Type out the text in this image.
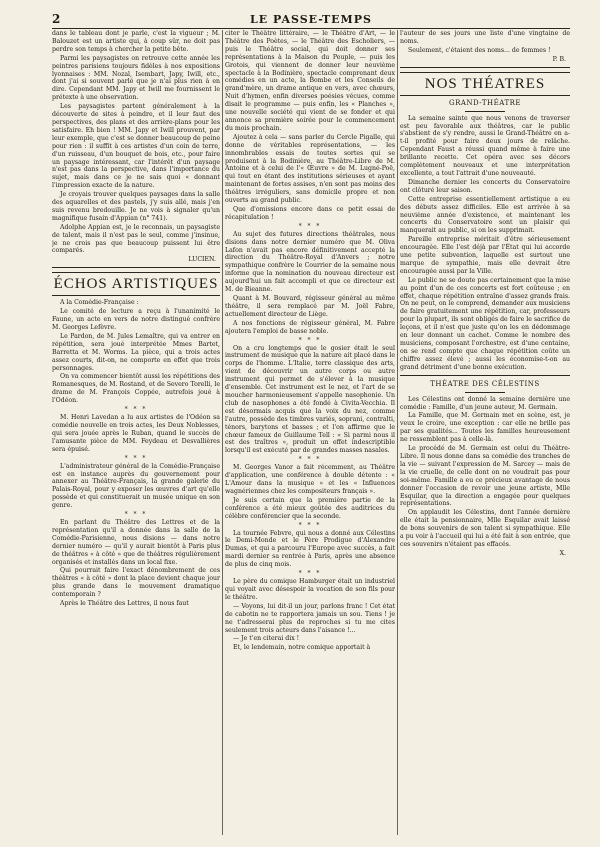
2	LE PASSE-TEMPS

dans le tableau dont je parle, c'est la vigueur ; M. Balouzet est un artiste qui, à coup sûr, ne doit pas perdre son temps à chercher la petite bête.

Parmi les paysagistes on retrouve cette année les peintres parisiens toujours fidèles à nos expositions lyonnaises : MM. Nozal, Isembart, Japy, Iwill, etc., dont j'ai si souvent parlé que je n'ai plus rien à en dire. Cependant MM. Japy et Iwill me fournissent le prétexte à une observation.

Les paysagistes partent généralement à la découverte de sites à peindre, et il leur faut des perspectives, des plans et des arrière-plans pour les satisfaire. Eh bien ! MM. Japy et Iwill prouvent, par leur exemple, que c'est se donner beaucoup de peine pour rien : il suffit à ces artistes d'un coin de terre, d'un ruisseau, d'un bouquet de bois, etc., pour faire un paysage intéressant, car l'intérêt d'un paysage n'est pas dans la perspective, dans l'importance du sujet, mais dans ce je ne sais quoi « donnant l'impression exacte de la nature.

Je croyais trouver quelques paysages dans la salle des aquarelles et des pastels, j'y suis allé, mais j'en suis revenu bredouille. Je ne vois à signaler qu'un magnifique fusain d'Appian (n° 741).

Adolphe Appian est, je le reconnais, un paysagiste de talent, mais il n'est pas le seul, comme j'insinue, je ne crois pas que beaucoup puissent lui être comparés.

LUCIEN.
ÉCHOS ARTISTIQUES

A la Comédie-Française :

Le comité de lecture a reçu à l'unanimité le Faune, un acte en vers de notre distingué confrère M. Georges Lefèvre.

Le Pardon, de M. Jules Lemaître, qui va entrer en répétition, sera joué interprétée Mmes Bartet, Barretta et M. Worms. La pièce, qui a trois actes assez courts, dit-on, ne comporte en effet que trois personnages.

On va commencer bientôt aussi les répétitions des Romanesques, de M. Rostand, et de Severo Torelli, le drame de M. François Coppée, autrefois joué à l'Odéon.

* * *

M. Henri Lavedan a lu aux artistes de l'Odéon sa comédie nouvelle en trois actes, les Deux Noblesses, qui sera jouée après le Ruban, quand le succès de l'amusante pièce de MM. Feydeau et Desvallières sera épuisé.

* * *

L'administrateur général de la Comédie-Française est en instance auprès du gouvernement pour annexer au Théâtre-Français, la grande galerie du Palais-Royal, pour y exposer les œuvres d'art qu'elle possède et qui constituerait un musée unique en son genre.

* * *

En parlant du Théâtre des Lettres et de la représentation qu'il a donnée dans la salle de la Comédie-Parisienne, nous disions — dans notre dernier numéro — qu'il y aurait bientôt à Paris plus de théâtres « à côté » que de théâtres régulièrement organisés et installés dans un local fixe.

Qui pourrait faire l'exact dénombrement de ces théâtres « à côté » dont la place devient chaque jour plus grande dans le mouvement dramatique contemporain ?

Après le Théâtre des Lettres, il nous faut

citer le Théâtre littéraire, — le Théâtre d'Art, — le Théâtre des Poètes, — le Théâtre des Escholiers, — puis le Théâtre social, qui doit donner ses représentations à la Maison du Peuple, — puis les Grotois, qui viennent de donner leur neuvième spectacle à la Bodinière, spectacle comprenant deux comédies en un acte, la Bombe et les Conseils de grand'mère, un drame antique en vers, avec chœurs, Nuit d'hymen, enfin diverses poésies vécues, comme disait le programme — puis enfin, les « Planches », une nouvelle société qui vient de se fonder et qui annonce sa première soirée pour le commencement du mois prochain.

Ajoutez à cela — sans parler du Cercle Pigalle, qui donne de véritables représentations, — les innombrables essais de toutes sortes qui se produisent à la Bodinière, au Théâtre-Libre de M. Antoine et à celui de l'« Œuvre » de M. Lugné-Poë, qui tout en étant des institutions sérieuses et ayant maintenant de fortes assises, n'en sont pas moins des théâtres irréguliers, sans domicile propre et non ouverts au grand public.

Que d'omissions encore dans ce petit essai de récapitulation !

* * *

Au sujet des futures directions théâtrales, nous disions dans notre dernier numéro que M. Oliva Lafon n'avait pas encore définitivement accepté la direction du Théâtre-Royal d'Anvers ; notre sympathique confrère le Courrier de la semaine nous informe que la nomination du nouveau directeur est aujourd'hui un fait accompli et que ce directeur est M. de Bieanne.

Quant à M. Bouvard, régisseur général au même théâtre, il sera remplacé par M. Joël Fabre, actuellement directeur de Liège.

A nos fonctions de régisseur général, M. Fabre ajoutera l'emploi de basse noble.

* * *

On a cru longtemps que le gosier était le seul instrument de musique que la nature ait placé dans le corps de l'homme. L'Italie, terre classique des arts, vient de découvrir un autre corps ou autre instrument qui permet de s'élever à la musique d'ensemble. Cet instrument est le nez, et l'art de se moucher harmonieusement s'appelle nasophonie. Un club de nasophones a été fondé à Civita-Vecchia. Il est désormais acquis que la voix du nez, comme l'autre, possède des timbres variés, soprani, contralti, ténors, barytons et basses ; et l'on affirme que le chœur fameux de Guillaume Tell : « Si parmi nous il est des traîtres », produit un effet indescriptible lorsqu'il est exécuté par de grandes masses nasales.

* * *

M. Georges Vanor a fait récemment, au Théâtre d'application, une conférence à double détente : « L'Amour dans la musique » et les « Influences wagnériennes chez les compositeurs français ».

Je suis certain que la première partie de la conférence a été mieux goûtée des auditrices du célèbre conférencier que la seconde.

* * *

La tournée Febvre, qui nous a donné aux Célestins le Demi-Monde et le Père Prodigue d'Alexandre Dumas, et qui a parcouru l'Europe avec succès, a fait mardi dernier sa rentrée à Paris, après une absence de plus de cinq mois.

* * *

Le père du comique Hamburger était un industriel qui voyait avec désespoir la vocation de son fils pour le théâtre.

— Voyons, lui dit-il un jour, parlons franc ! Cet état de cabotin ne te rapportera jamais un sou. Tiens ! je ne t'adresserai plus de reproches si tu me cites seulement trois acteurs dans l'aisance !...

— Je t'en citerai dix !

Et, le lendemain, notre comique apportait à

l'auteur de ses jours une liste d'une vingtaine de noms.

Seulement, c'étaient des noms... de femmes !

P. B.
NOS THÉATRES
GRAND-THÉATRE

La semaine sainte que nous venons de traverser est peu favorable aux théâtres, car le public s'abstient de s'y rendre, aussi le Grand-Théâtre en a-t-il profité pour faire deux jours de relâche. Cependant Faust a réussi quand même à faire une brillante recette. Cet opéra avec ses décors complètement nouveaux et une interprétation excellente, a tout l'attrait d'une nouveauté.

Dimanche dernier les concerts du Conservatoire ont clôturé leur saison.

Cette entreprise essentiellement artistique a eu des débuts assez difficiles. Elle est arrivée à sa neuvième année d'existence, et maintenant les concerts du Conservatoire sont un plaisir qui manquerait au public, si on les supprimait.

Pareille entreprise méritait d'être sérieusement encouragée. Elle l'est déjà par l'État qui lui accorde une petite subvention, laquelle est surtout une marque de sympathie, mais elle devrait être encouragée aussi par la Ville.

Le public ne se doute pas certainement que la mise au point d'un de ces concerts est fort coûteuse ; en effet, chaque répétition entraîne d'assez grands frais. On ne peut, on le comprend, demander aux musiciens de faire gratuitement une répétition, car, professeurs pour la plupart, ils sont obligés de faire le sacrifice de leçons, et il n'est que juste qu'on les en dédommage en leur donnant un cachet. Comme le nombre des musiciens, composant l'orchestre, est d'une centaine, on se rend compte que chaque répétition coûte un chiffre assez élevé ; aussi les économise-t-on au grand détriment d'une bonne exécution.

THÉATRE DES CÉLESTINS

Les Célestins ont donné la semaine dernière une comédie : Famille, d'un jeune auteur, M. Germain.

La Famille, que M. Germain met en scène, est, je veux le croire, une exception : car elle ne brille pas par ses qualités... Toutes les familles heureusement ne ressemblent pas à celle-là.

Le procédé de M. Germain est celui du Théâtre-Libre. Il nous donne dans sa comédie des tranches de la vie — suivant l'expression de M. Sarcey — mais de la vie cruelle, de celle dont on ne voudrait pas pour soi-même. Famille a eu ce précieux avantage de nous donner l'occasion de revoir une jeune artiste, Mlle Esquilar, que la direction a engagée pour quelques représentations.

On applaudit les Célestins, dont l'année dernière elle était la pensionnaire, Mlle Esquilar avait laissé de bons souvenirs de son talent si sympathique. Elle a pu voir à l'accueil qui lui a été fait à son entrée, que ces souvenirs n'étaient pas effacés.

X.
